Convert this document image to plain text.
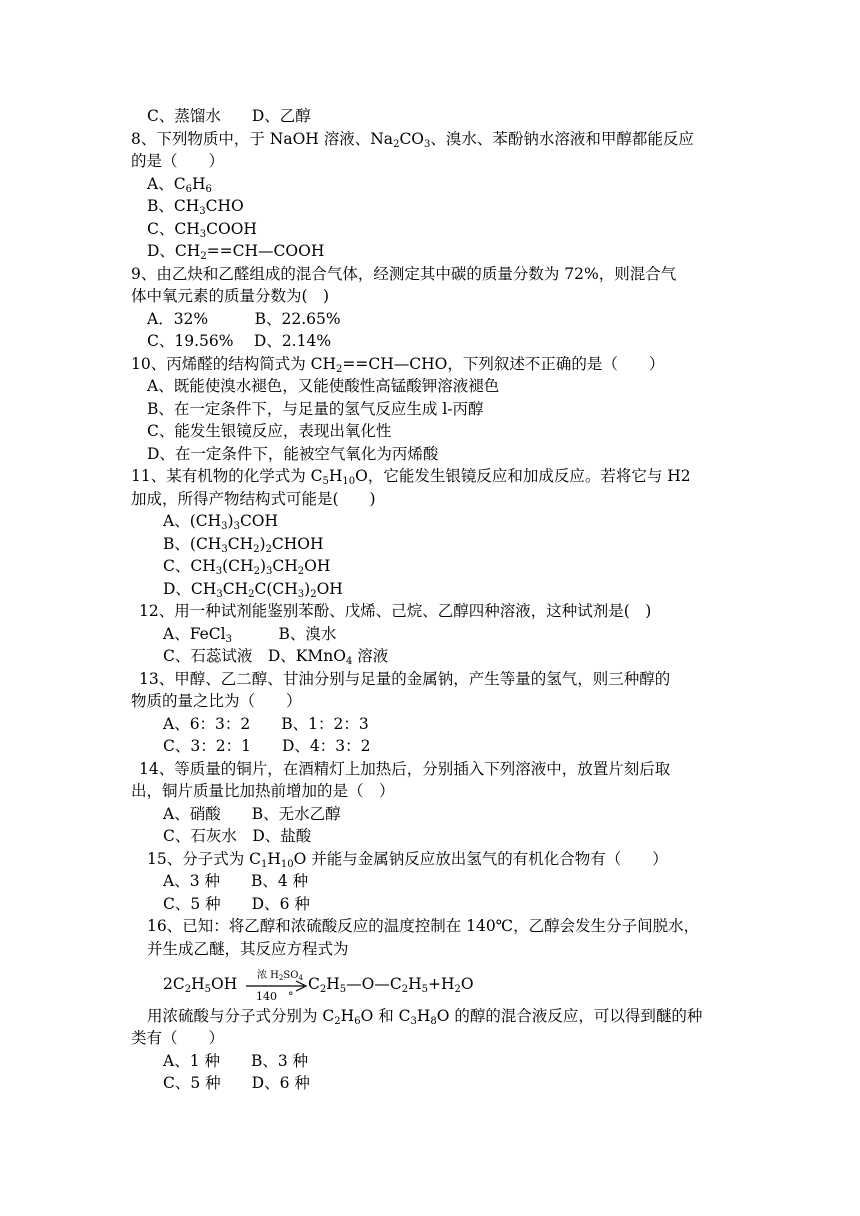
C、蒸馏水　　D、乙醇
8、下列物质中，于 NaOH 溶液、$Na_2CO_3$、溴水、苯酚钠水溶液和甲醇都能反应
的是（　　）
A、$C_6H_6$
B、$CH_3CHO$
C、$CH_3COOH$
D、$CH_2==CH—COOH$
9、由乙炔和乙醛组成的混合气体，经测定其中碳的质量分数为 72%，则混合气
体中氧元素的质量分数为(　)
A．32%　　　B、22.65%
C、19.56%　 D、2.14%
10、丙烯醛的结构简式为 $CH_2==CH—CHO$，下列叙述不正确的是（　　）
A、既能使溴水褪色，又能使酸性高锰酸钾溶液褪色
B、在一定条件下，与足量的氢气反应生成 l-丙醇
C、能发生银镜反应，表现出氧化性
D、在一定条件下，能被空气氧化为丙烯酸
11、某有机物的化学式为 $C_5H_{10}O$，它能发生银镜反应和加成反应。若将它与 H2
加成，所得产物结构式可能是(　　)
A、$(CH_3)_3COH$
B、$(CH_3CH_2)_2CHOH$
C、$CH_3(CH_2)_3CH_2OH$
D、$CH_3CH_2C(CH_3)_2OH$
12、用一种试剂能鉴别苯酚、戊烯、己烷、乙醇四种溶液，这种试剂是(　)
A、FeCl$_3$　　　B、溴水
C、石蕊试液　D、KMnO$_4$ 溶液
13、甲醇、乙二醇、甘油分别与足量的金属钠，产生等量的氢气，则三种醇的
物质的量之比为（　　）
A、6：3：2　　B、1：2：3
C、3：2：1　　D、4：3：2
14、等质量的铜片，在酒精灯上加热后，分别插入下列溶液中，放置片刻后取
出，铜片质量比加热前增加的是（　）
A、硝酸　　B、无水乙醇
C、石灰水　D、盐酸
15、分子式为 $C_1H_{10}O$ 并能与金属钠反应放出氢气的有机化合物有（　　）
A、3 种　　B、4 种
C、5 种　　D、6 种
16、已知：将乙醇和浓硫酸反应的温度控制在 140℃，乙醇会发生分子间脱水，
并生成乙醚，其反应方程式为
用浓硫酸与分子式分别为 $C_2H_6O$ 和 $C_3H_8O$ 的醇的混合液反应，可以得到醚的种
类有（　　）
A、1 种　　B、3 种
C、5 种　　D、6 种
$2C_2H_5OH$ 浓 $H_2SO_4$
140　°
$C_2H_5—O—C_2H_5+H_2O$
